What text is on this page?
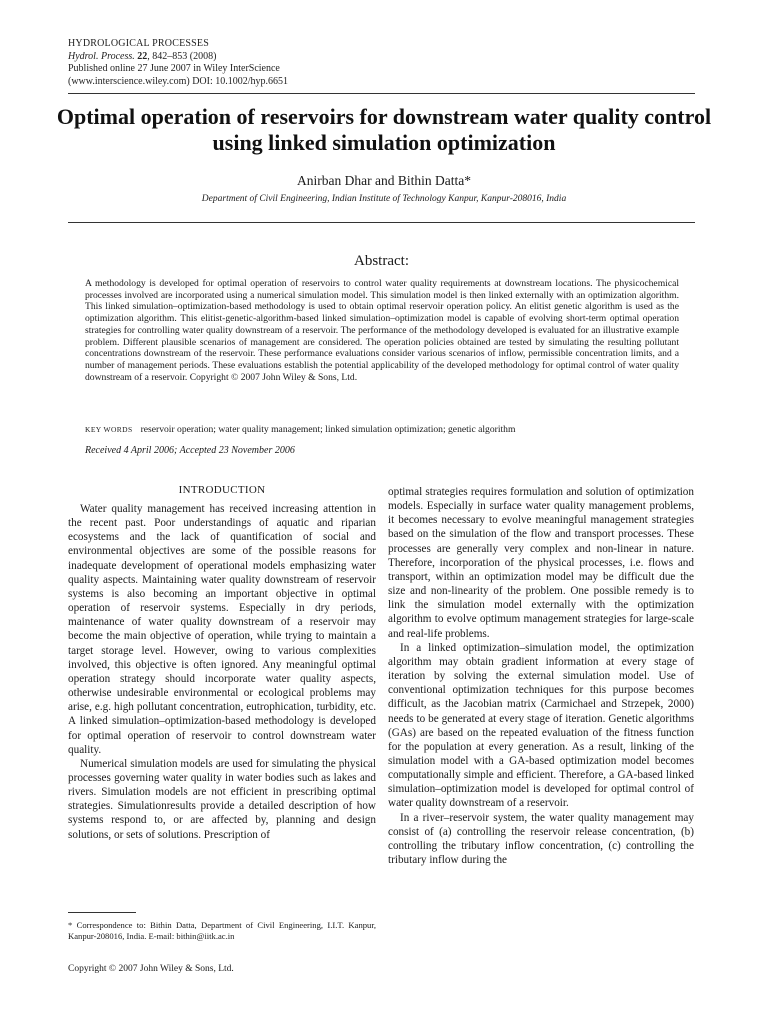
HYDROLOGICAL PROCESSES
Hydrol. Process. 22, 842–853 (2008)
Published online 27 June 2007 in Wiley InterScience
(www.interscience.wiley.com) DOI: 10.1002/hyp.6651
Optimal operation of reservoirs for downstream water quality control using linked simulation optimization
Anirban Dhar and Bithin Datta*
Department of Civil Engineering, Indian Institute of Technology Kanpur, Kanpur-208016, India
Abstract:
A methodology is developed for optimal operation of reservoirs to control water quality requirements at downstream locations. The physicochemical processes involved are incorporated using a numerical simulation model. This simulation model is then linked externally with an optimization algorithm. This linked simulation–optimization-based methodology is used to obtain optimal reservoir operation policy. An elitist genetic algorithm is used as the optimization algorithm. This elitist-genetic-algorithm-based linked simulation–optimization model is capable of evolving short-term optimal operation strategies for controlling water quality downstream of a reservoir. The performance of the methodology developed is evaluated for an illustrative example problem. Different plausible scenarios of management are considered. The operation policies obtained are tested by simulating the resulting pollutant concentrations downstream of the reservoir. These performance evaluations consider various scenarios of inflow, permissible concentration limits, and a number of management periods. These evaluations establish the potential applicability of the developed methodology for optimal control of water quality downstream of a reservoir. Copyright © 2007 John Wiley & Sons, Ltd.
KEY WORDS reservoir operation; water quality management; linked simulation optimization; genetic algorithm
Received 4 April 2006; Accepted 23 November 2006
INTRODUCTION

Water quality management has received increasing attention in the recent past. Poor understandings of aquatic and riparian ecosystems and the lack of quantification of social and environmental objectives are some of the possible reasons for inadequate development of operational models emphasizing water quality aspects. Maintaining water quality downstream of reservoir systems is also becoming an important objective in optimal operation of reservoir systems. Especially in dry periods, maintenance of water quality downstream of a reservoir may become the main objective of operation, while trying to maintain a target storage level. However, owing to various complexities involved, this objective is often ignored. Any meaningful optimal operation strategy should incorporate water quality aspects, otherwise undesirable environmental or ecological problems may arise, e.g. high pollutant concentration, eutrophication, turbidity, etc. A linked simulation–optimization-based methodology is developed for optimal operation of reservoir to control downstream water quality.

Numerical simulation models are used for simulating the physical processes governing water quality in water bodies such as lakes and rivers. Simulation models are not efficient in prescribing optimal strategies. Simulationresults provide a detailed description of how systems respond to, or are affected by, planning and design solutions, or sets of solutions. Prescription of

optimal strategies requires formulation and solution of optimization models. Especially in surface water quality management problems, it becomes necessary to evolve meaningful management strategies based on the simulation of the flow and transport processes. These processes are generally very complex and non-linear in nature. Therefore, incorporation of the physical processes, i.e. flows and transport, within an optimization model may be difficult due the size and non-linearity of the problem. One possible remedy is to link the simulation model externally with the optimization algorithm to evolve optimum management strategies for large-scale and real-life problems.

In a linked optimization–simulation model, the optimization algorithm may obtain gradient information at every stage of iteration by solving the external simulation model. Use of conventional optimization techniques for this purpose becomes difficult, as the Jacobian matrix (Carmichael and Strzepek, 2000) needs to be generated at every stage of iteration. Genetic algorithms (GAs) are based on the repeated evaluation of the fitness function for the population at every generation. As a result, linking of the simulation model with a GA-based optimization model becomes computationally simple and efficient. Therefore, a GA-based linked simulation–optimization model is developed for optimal control of water quality downstream of a reservoir.

In a river–reservoir system, the water quality management may consist of (a) controlling the reservoir release concentration, (b) controlling the tributary inflow concentration, (c) controlling the tributary inflow during the

* Correspondence to: Bithin Datta, Department of Civil Engineering, I.I.T. Kanpur, Kanpur-208016, India. E-mail: bithin@iitk.ac.in
Copyright © 2007 John Wiley & Sons, Ltd.
